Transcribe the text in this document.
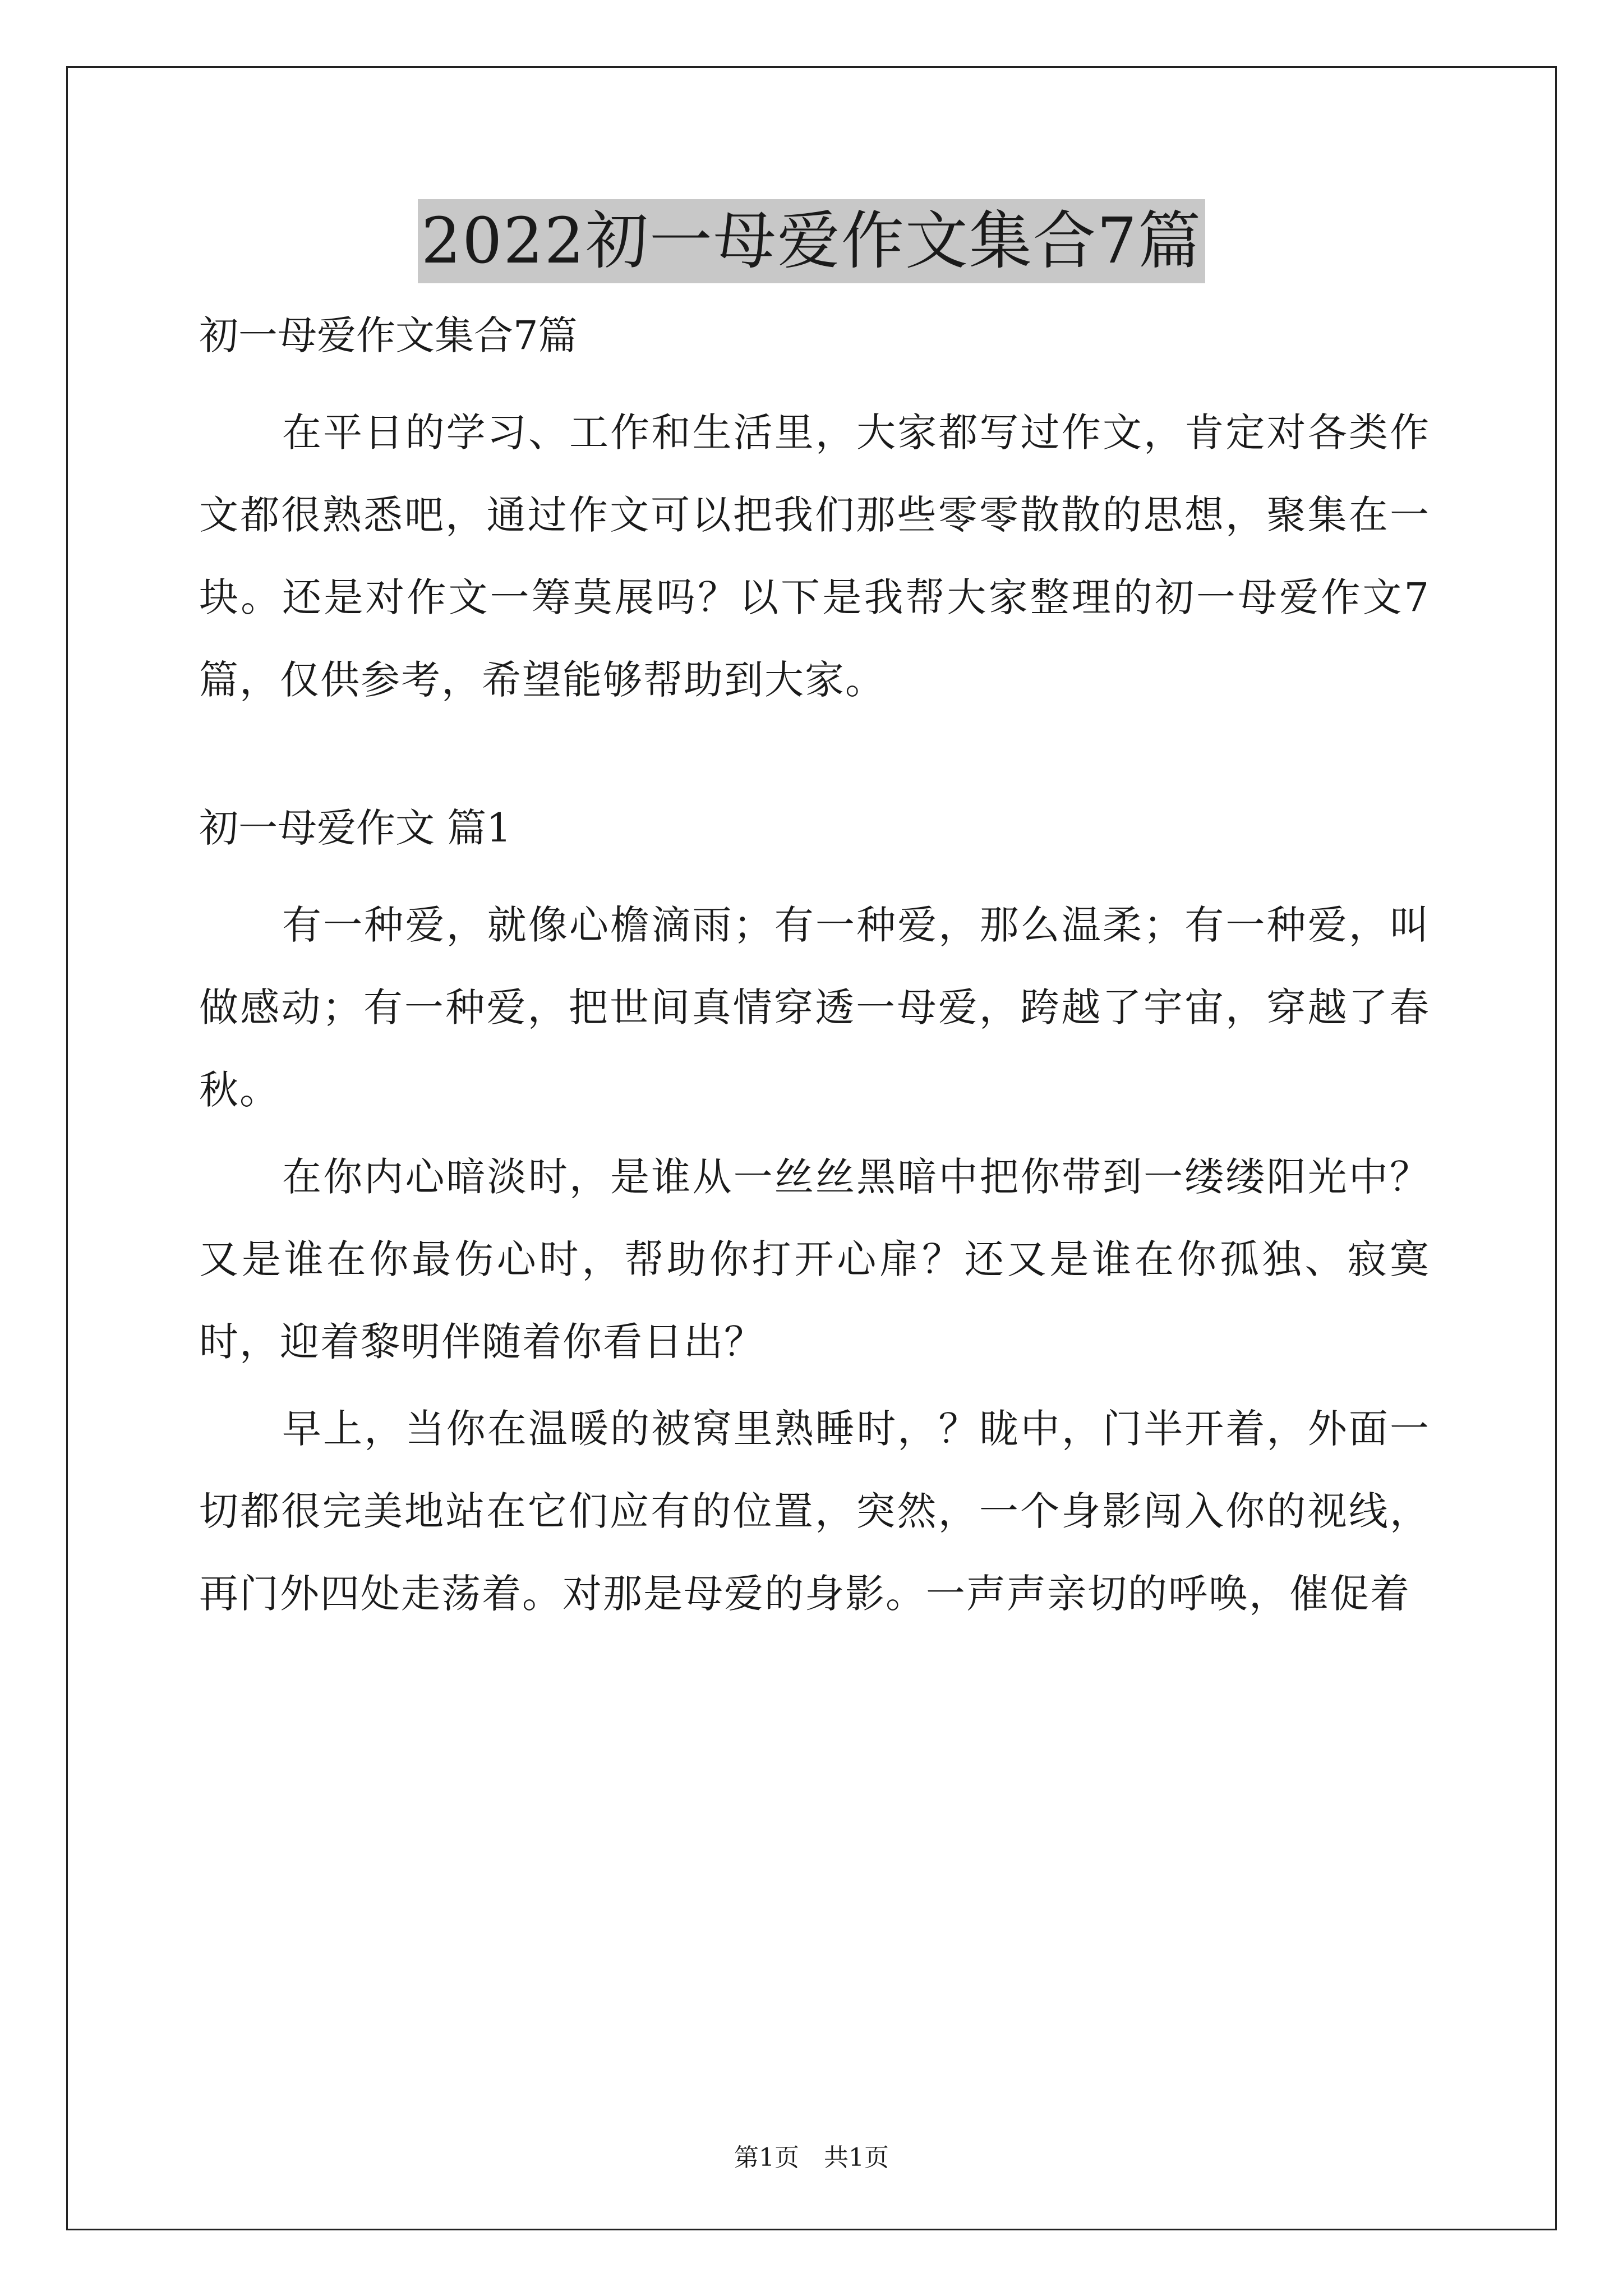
2022初一母爱作文集合7篇
初一母爱作文集合7篇

在平日的学习、工作和生活里，大家都写过作文，肯定对各类作文都很熟悉吧，通过作文可以把我们那些零零散散的思想，聚集在一块。还是对作文一筹莫展吗？以下是我帮大家整理的初一母爱作文7篇，仅供参考，希望能够帮助到大家。

初一母爱作文 篇1

有一种爱，就像心檐滴雨；有一种爱，那么温柔；有一种爱，叫做感动；有一种爱，把世间真情穿透一母爱，跨越了宇宙，穿越了春秋。

在你内心暗淡时，是谁从一丝丝黑暗中把你带到一缕缕阳光中？又是谁在你最伤心时，帮助你打开心扉？还又是谁在你孤独、寂寞时，迎着黎明伴随着你看日出？

早上，当你在温暖的被窝里熟睡时，？眬中，门半开着，外面一切都很完美地站在它们应有的位置，突然，一个身影闯入你的视线，再门外四处走荡着。对那是母爱的身影。一声声亲切的呼唤，催促着

第1页　共1页
